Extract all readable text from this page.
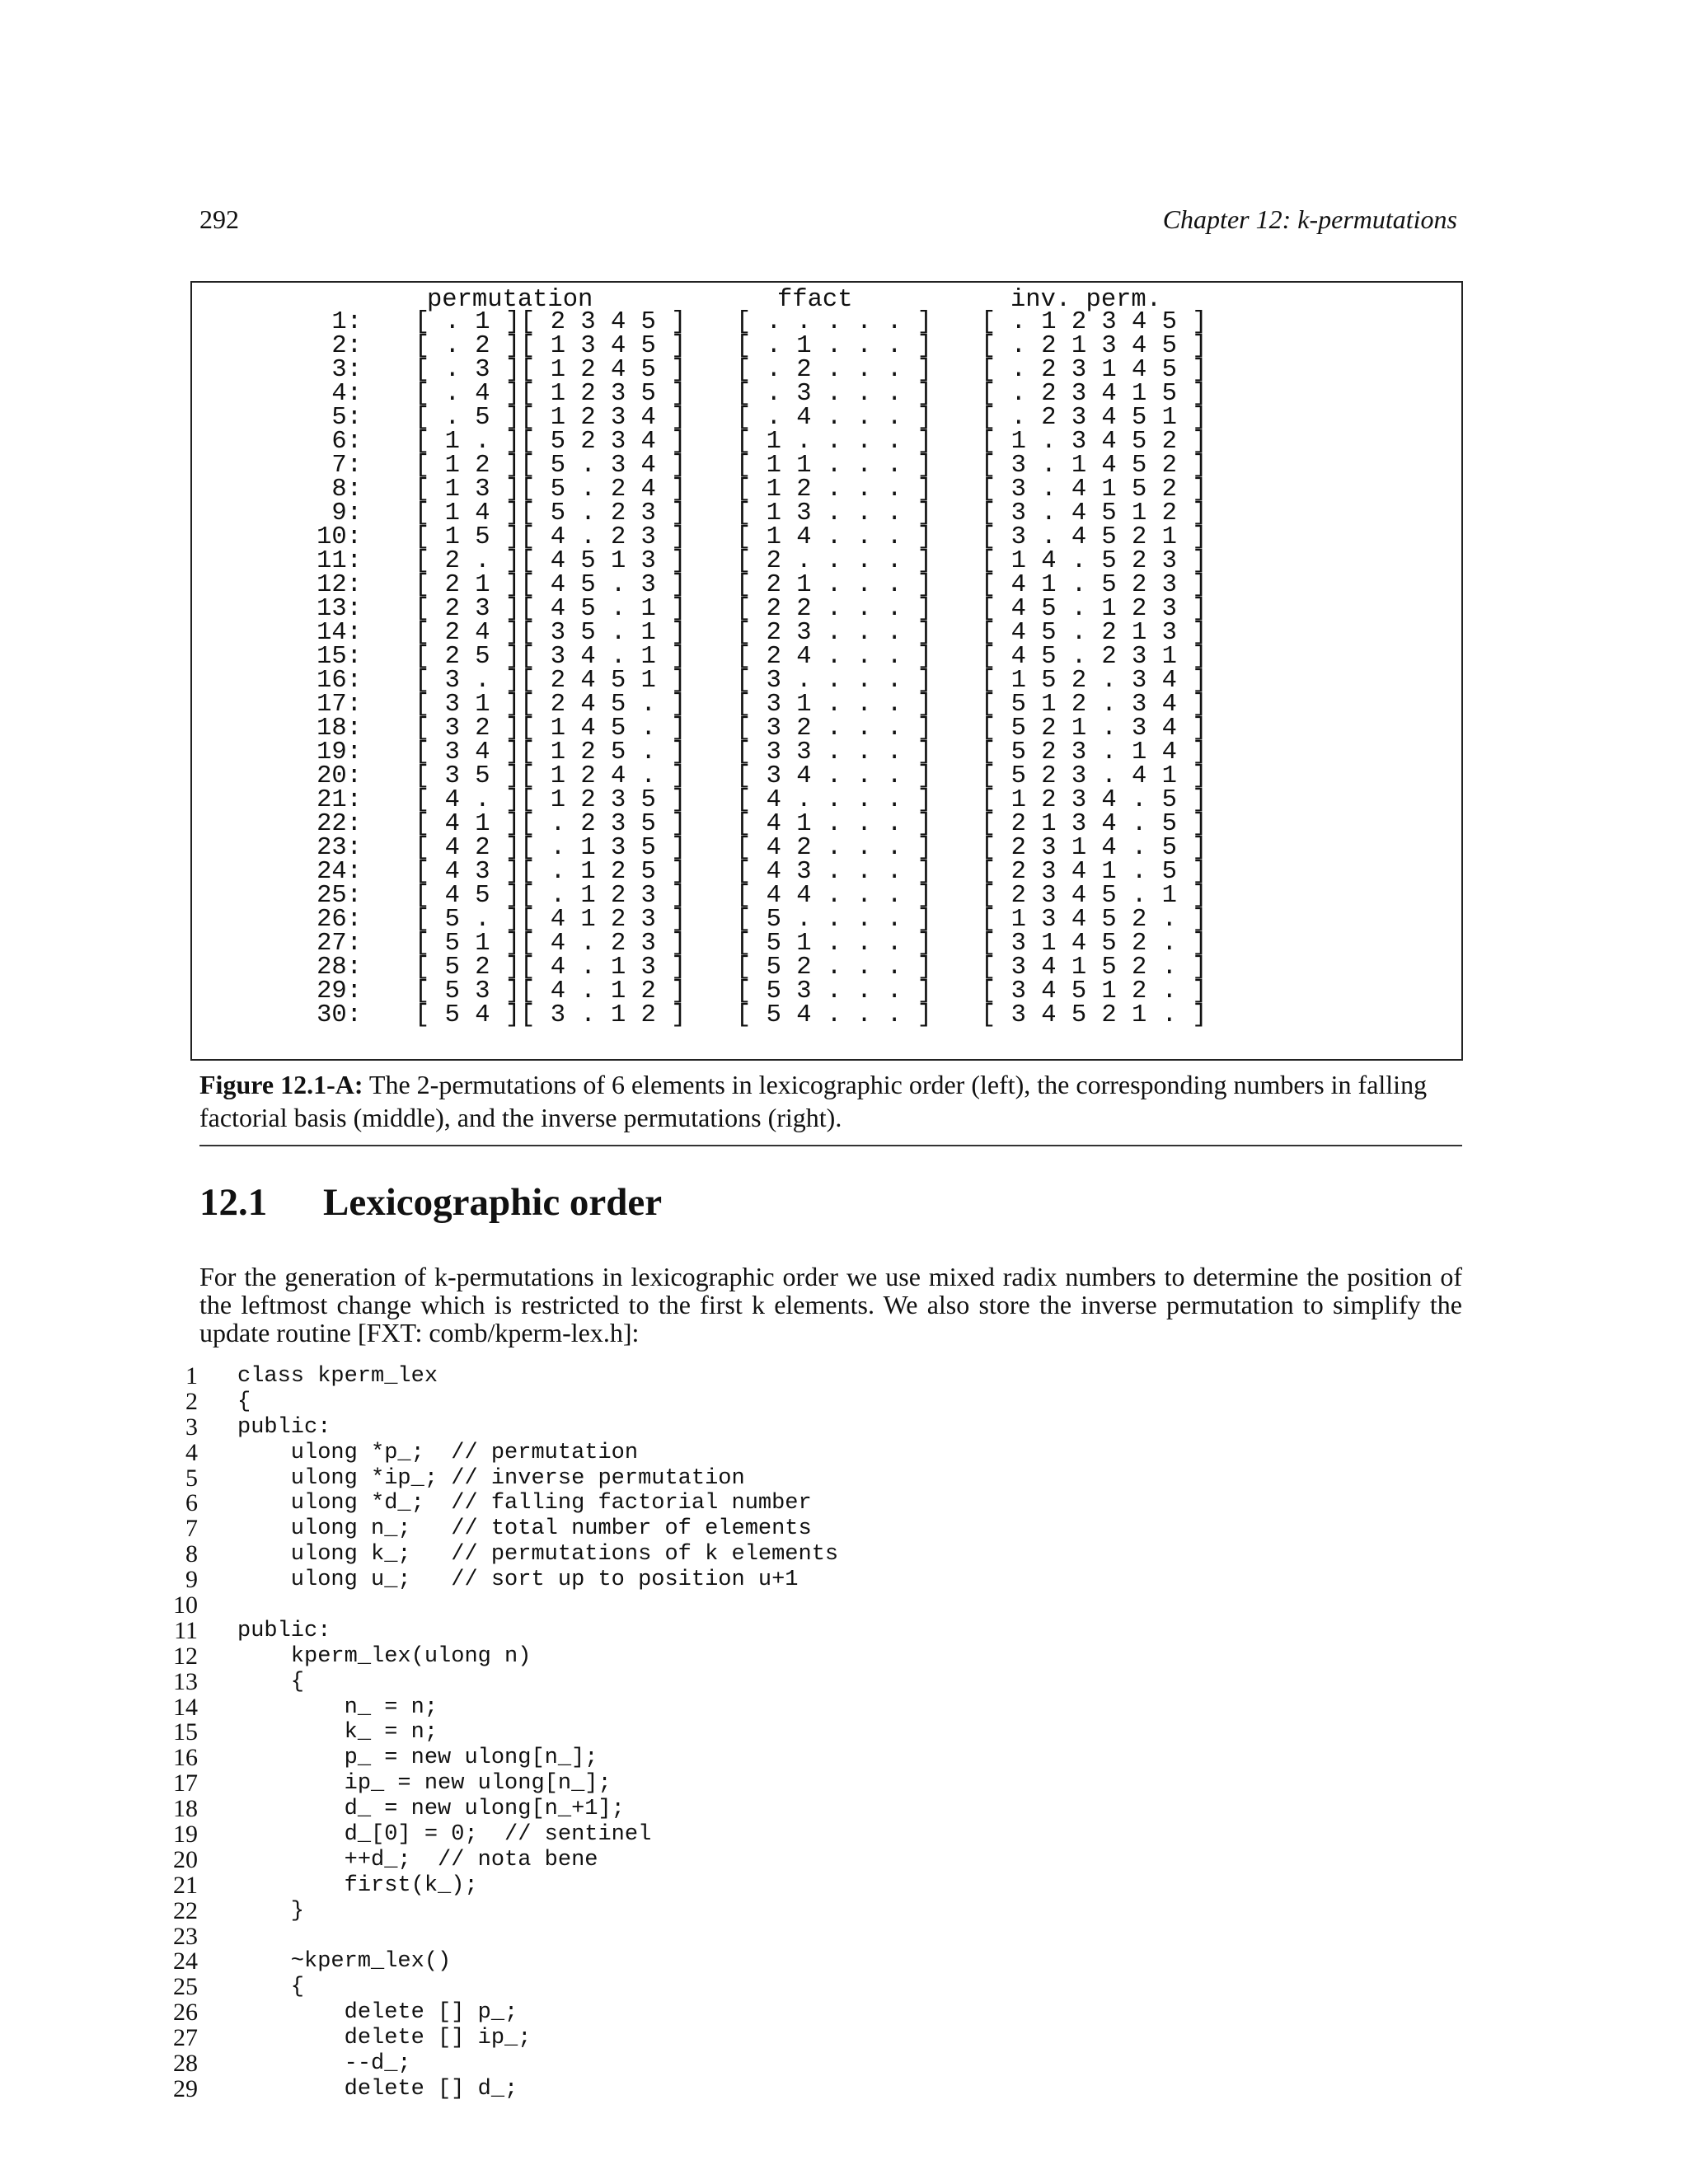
292	Chapter 12: k-permutations

permutation

	ffact

	inv. perm.

1: [ . 1 ][ 2 3 4 5 ] [ . . . . . ] [ . 1 2 3 4 5 ]
2: [ . 2 ][ 1 3 4 5 ] [ . 1 . . . ] [ . 2 1 3 4 5 ]
3: [ . 3 ][ 1 2 4 5 ] [ . 2 . . . ] [ . 2 3 1 4 5 ]
4: [ . 4 ][ 1 2 3 5 ] [ . 3 . . . ] [ . 2 3 4 1 5 ]
5: [ . 5 ][ 1 2 3 4 ] [ . 4 . . . ] [ . 2 3 4 5 1 ]
6: [ 1 . ][ 5 2 3 4 ] [ 1 . . . . ] [ 1 . 3 4 5 2 ]
7: [ 1 2 ][ 5 . 3 4 ] [ 1 1 . . . ] [ 3 . 1 4 5 2 ]
8: [ 1 3 ][ 5 . 2 4 ] [ 1 2 . . . ] [ 3 . 4 1 5 2 ]
9: [ 1 4 ][ 5 . 2 3 ] [ 1 3 . . . ] [ 3 . 4 5 1 2 ]
10: [ 1 5 ][ 4 . 2 3 ] [ 1 4 . . . ] [ 3 . 4 5 2 1 ]
11: [ 2 . ][ 4 5 1 3 ] [ 2 . . . . ] [ 1 4 . 5 2 3 ]
12: [ 2 1 ][ 4 5 . 3 ] [ 2 1 . . . ] [ 4 1 . 5 2 3 ]
13: [ 2 3 ][ 4 5 . 1 ] [ 2 2 . . . ] [ 4 5 . 1 2 3 ]
14: [ 2 4 ][ 3 5 . 1 ] [ 2 3 . . . ] [ 4 5 . 2 1 3 ]
15: [ 2 5 ][ 3 4 . 1 ] [ 2 4 . . . ] [ 4 5 . 2 3 1 ]
16: [ 3 . ][ 2 4 5 1 ] [ 3 . . . . ] [ 1 5 2 . 3 4 ]
17: [ 3 1 ][ 2 4 5 . ] [ 3 1 . . . ] [ 5 1 2 . 3 4 ]
18: [ 3 2 ][ 1 4 5 . ] [ 3 2 . . . ] [ 5 2 1 . 3 4 ]
19: [ 3 4 ][ 1 2 5 . ] [ 3 3 . . . ] [ 5 2 3 . 1 4 ]
20: [ 3 5 ][ 1 2 4 . ] [ 3 4 . . . ] [ 5 2 3 . 4 1 ]
21: [ 4 . ][ 1 2 3 5 ] [ 4 . . . . ] [ 1 2 3 4 . 5 ]
22: [ 4 1 ][ . 2 3 5 ] [ 4 1 . . . ] [ 2 1 3 4 . 5 ]
23: [ 4 2 ][ . 1 3 5 ] [ 4 2 . . . ] [ 2 3 1 4 . 5 ]
24: [ 4 3 ][ . 1 2 5 ] [ 4 3 . . . ] [ 2 3 4 1 . 5 ]
25: [ 4 5 ][ . 1 2 3 ] [ 4 4 . . . ] [ 2 3 4 5 . 1 ]
26: [ 5 . ][ 4 1 2 3 ] [ 5 . . . . ] [ 1 3 4 5 2 . ]
27: [ 5 1 ][ 4 . 2 3 ] [ 5 1 . . . ] [ 3 1 4 5 2 . ]
28: [ 5 2 ][ 4 . 1 3 ] [ 5 2 . . . ] [ 3 4 1 5 2 . ]
29: [ 5 3 ][ 4 . 1 2 ] [ 5 3 . . . ] [ 3 4 5 1 2 . ]
30: [ 5 4 ][ 3 . 1 2 ] [ 5 4 . . . ] [ 3 4 5 2 1 . ]

Figure 12.1-A: The 2-permutations of 6 elements in lexicographic order (left), the corresponding numbers in falling factorial basis (middle), and the inverse permutations (right).
12.1 Lexicographic order
For the generation of k-permutations in lexicographic order we use mixed radix numbers to determine the position of the leftmost change which is restricted to the first k elements. We also store the inverse permutation to simplify the update routine [FXT: comb/kperm-lex.h]:
1 class kperm_lex
2 {
3 public:
4 ulong *p_;  // permutation
5 ulong *ip_; // inverse permutation
6 ulong *d_;  // falling factorial number
7 ulong n_;   // total number of elements
8 ulong k_;   // permutations of k elements
9 ulong u_;   // sort up to position u+1
10
11 public:
12 kperm_lex(ulong n)
13 {
14 n_ = n;
15 k_ = n;
16 p_ = new ulong[n_];
17 ip_ = new ulong[n_];
18 d_ = new ulong[n_+1];
19 d_[0] = 0;  // sentinel
20 ++d_;  // nota bene
21 first(k_);
22 }
23
24 ~kperm_lex()
25 {
26 delete [] p_;
27 delete [] ip_;
28 --d_;
29 delete [] d_;
